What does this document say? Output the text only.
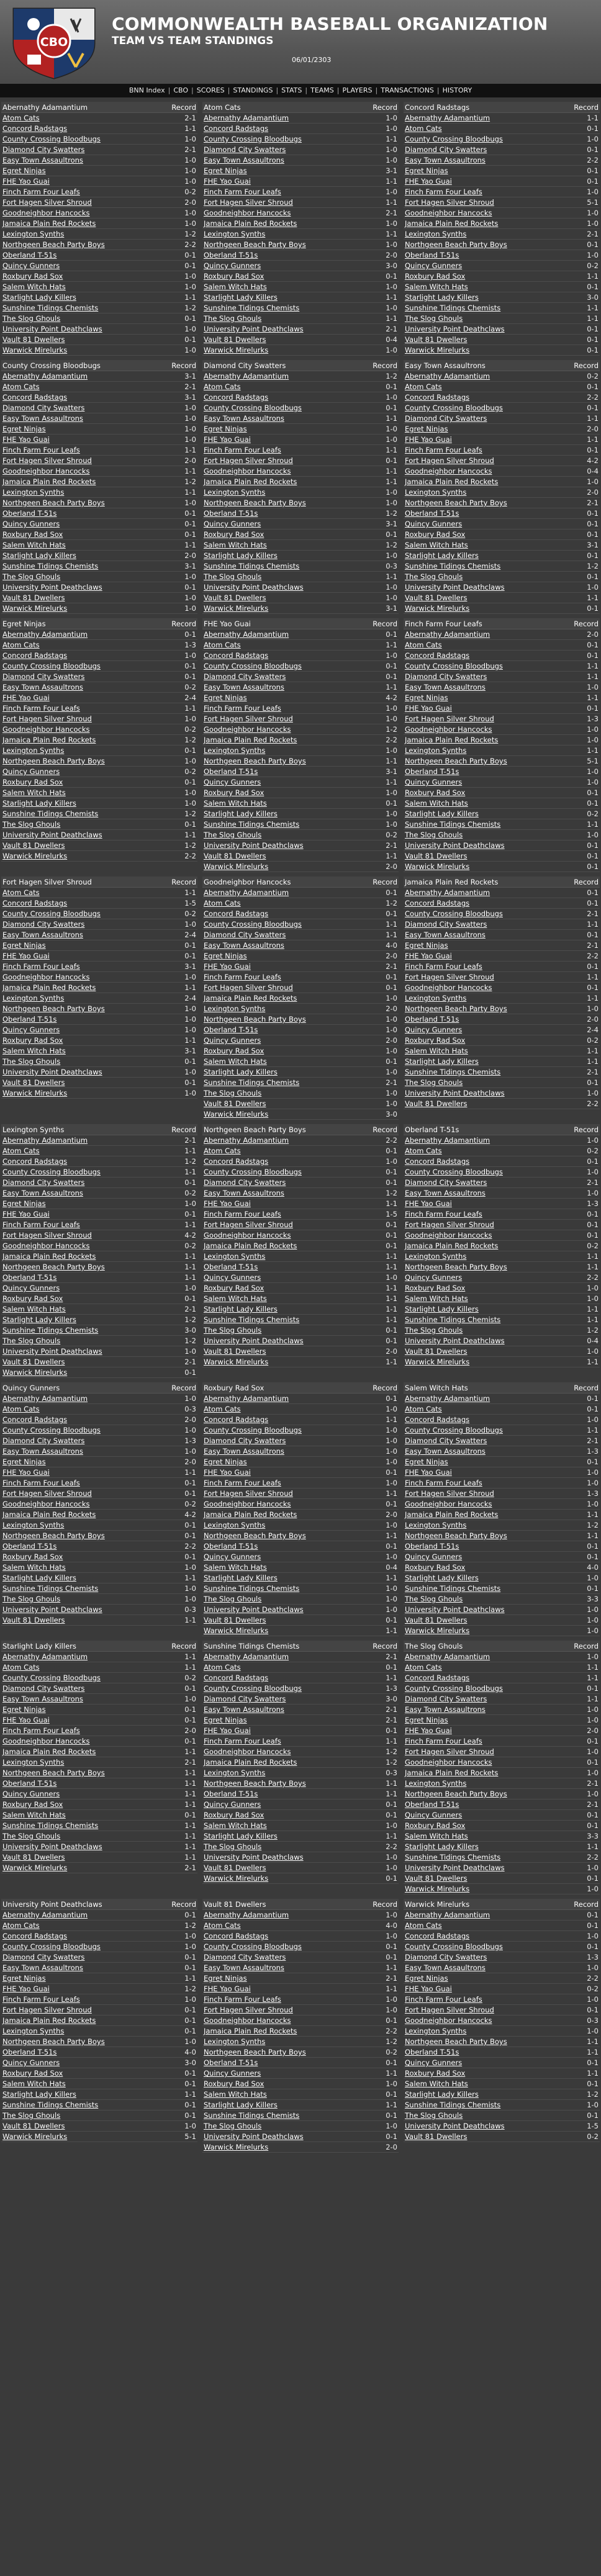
CBO
COMMONWEALTH BASEBALL ORGANIZATION
TEAM VS TEAM STANDINGS
06/01/2303
BNN Index | CBO | SCORES | STANDINGS | STATS | TEAMS | PLAYERS | TRANSACTIONS | HISTORY
Abernathy Adamantium	Record
Atom Cats	2-1
Concord Radstags	1-1
County Crossing Bloodbugs	1-0
Diamond City Swatters	2-1
Easy Town Assaultrons	1-0
Egret Ninjas	1-0
FHE Yao Guai	1-0
Finch Farm Four Leafs	0-2
Fort Hagen Silver Shroud	2-0
Goodneighbor Hancocks	1-0
Jamaica Plain Red Rockets	1-0
Lexington Synths	1-2
Northgeen Beach Party Boys	2-2
Oberland T-51s	0-1
Quincy Gunners	0-1
Roxbury Rad Sox	1-0
Salem Witch Hats	1-0
Starlight Lady Killers	1-1
Sunshine Tidings Chemists	1-2
The Slog Ghouls	0-1
University Point Deathclaws	1-0
Vault 81 Dwellers	0-1
Warwick Mirelurks	1-0
Atom Cats	Record
Abernathy Adamantium	1-0
Concord Radstags	1-0
County Crossing Bloodbugs	1-1
Diamond City Swatters	1-0
Easy Town Assaultrons	1-0
Egret Ninjas	3-1
FHE Yao Guai	1-1
Finch Farm Four Leafs	1-0
Fort Hagen Silver Shroud	1-1
Goodneighbor Hancocks	2-1
Jamaica Plain Red Rockets	1-0
Lexington Synths	1-1
Northgeen Beach Party Boys	1-0
Oberland T-51s	2-0
Quincy Gunners	3-0
Roxbury Rad Sox	0-1
Salem Witch Hats	1-0
Starlight Lady Killers	1-1
Sunshine Tidings Chemists	1-0
The Slog Ghouls	1-1
University Point Deathclaws	2-1
Vault 81 Dwellers	0-4
Warwick Mirelurks	1-0
Concord Radstags	Record
Abernathy Adamantium	1-1
Atom Cats	0-1
County Crossing Bloodbugs	1-0
Diamond City Swatters	0-1
Easy Town Assaultrons	2-2
Egret Ninjas	0-1
FHE Yao Guai	0-1
Finch Farm Four Leafs	1-0
Fort Hagen Silver Shroud	5-1
Goodneighbor Hancocks	1-0
Jamaica Plain Red Rockets	1-0
Lexington Synths	2-1
Northgeen Beach Party Boys	0-1
Oberland T-51s	1-0
Quincy Gunners	0-2
Roxbury Rad Sox	1-1
Salem Witch Hats	0-1
Starlight Lady Killers	3-0
Sunshine Tidings Chemists	1-1
The Slog Ghouls	1-1
University Point Deathclaws	0-1
Vault 81 Dwellers	0-1
Warwick Mirelurks	0-1
County Crossing Bloodbugs	Record
Abernathy Adamantium	3-1
Atom Cats	2-1
Concord Radstags	3-1
Diamond City Swatters	1-0
Easy Town Assaultrons	1-0
Egret Ninjas	1-0
FHE Yao Guai	1-0
Finch Farm Four Leafs	1-1
Fort Hagen Silver Shroud	2-0
Goodneighbor Hancocks	1-1
Jamaica Plain Red Rockets	1-2
Lexington Synths	1-1
Northgeen Beach Party Boys	1-0
Oberland T-51s	0-1
Quincy Gunners	0-1
Roxbury Rad Sox	0-1
Salem Witch Hats	1-1
Starlight Lady Killers	2-0
Sunshine Tidings Chemists	3-1
The Slog Ghouls	1-0
University Point Deathclaws	0-1
Vault 81 Dwellers	1-0
Warwick Mirelurks	1-0
Diamond City Swatters	Record
Abernathy Adamantium	1-2
Atom Cats	0-1
Concord Radstags	1-0
County Crossing Bloodbugs	0-1
Easy Town Assaultrons	1-1
Egret Ninjas	1-0
FHE Yao Guai	1-0
Finch Farm Four Leafs	1-1
Fort Hagen Silver Shroud	0-1
Goodneighbor Hancocks	1-1
Jamaica Plain Red Rockets	1-1
Lexington Synths	1-0
Northgeen Beach Party Boys	1-0
Oberland T-51s	1-2
Quincy Gunners	3-1
Roxbury Rad Sox	0-1
Salem Witch Hats	1-2
Starlight Lady Killers	1-0
Sunshine Tidings Chemists	0-3
The Slog Ghouls	1-1
University Point Deathclaws	1-0
Vault 81 Dwellers	1-0
Warwick Mirelurks	3-1
Easy Town Assaultrons	Record
Abernathy Adamantium	0-2
Atom Cats	0-1
Concord Radstags	2-2
County Crossing Bloodbugs	0-1
Diamond City Swatters	1-1
Egret Ninjas	2-0
FHE Yao Guai	1-1
Finch Farm Four Leafs	0-1
Fort Hagen Silver Shroud	4-2
Goodneighbor Hancocks	0-4
Jamaica Plain Red Rockets	1-0
Lexington Synths	2-0
Northgeen Beach Party Boys	2-1
Oberland T-51s	0-1
Quincy Gunners	0-1
Roxbury Rad Sox	0-1
Salem Witch Hats	3-1
Starlight Lady Killers	0-1
Sunshine Tidings Chemists	1-2
The Slog Ghouls	0-1
University Point Deathclaws	1-0
Vault 81 Dwellers	1-1
Warwick Mirelurks	0-1
Egret Ninjas	Record
Abernathy Adamantium	0-1
Atom Cats	1-3
Concord Radstags	1-0
County Crossing Bloodbugs	0-1
Diamond City Swatters	0-1
Easy Town Assaultrons	0-2
FHE Yao Guai	2-4
Finch Farm Four Leafs	1-1
Fort Hagen Silver Shroud	1-0
Goodneighbor Hancocks	0-2
Jamaica Plain Red Rockets	1-2
Lexington Synths	0-1
Northgeen Beach Party Boys	1-0
Quincy Gunners	0-2
Roxbury Rad Sox	0-1
Salem Witch Hats	1-0
Starlight Lady Killers	1-0
Sunshine Tidings Chemists	1-2
The Slog Ghouls	0-1
University Point Deathclaws	1-1
Vault 81 Dwellers	1-2
Warwick Mirelurks	2-2
FHE Yao Guai	Record
Abernathy Adamantium	0-1
Atom Cats	1-1
Concord Radstags	1-0
County Crossing Bloodbugs	0-1
Diamond City Swatters	0-1
Easy Town Assaultrons	1-1
Egret Ninjas	4-2
Finch Farm Four Leafs	1-0
Fort Hagen Silver Shroud	1-0
Goodneighbor Hancocks	1-2
Jamaica Plain Red Rockets	2-2
Lexington Synths	1-0
Northgeen Beach Party Boys	1-1
Oberland T-51s	3-1
Quincy Gunners	1-1
Roxbury Rad Sox	1-0
Salem Witch Hats	0-1
Starlight Lady Killers	1-0
Sunshine Tidings Chemists	1-0
The Slog Ghouls	0-2
University Point Deathclaws	2-1
Vault 81 Dwellers	1-1
Warwick Mirelurks	2-0
Finch Farm Four Leafs	Record
Abernathy Adamantium	2-0
Atom Cats	0-1
Concord Radstags	0-1
County Crossing Bloodbugs	1-1
Diamond City Swatters	1-1
Easy Town Assaultrons	1-0
Egret Ninjas	1-1
FHE Yao Guai	0-1
Fort Hagen Silver Shroud	1-3
Goodneighbor Hancocks	1-0
Jamaica Plain Red Rockets	1-0
Lexington Synths	1-1
Northgeen Beach Party Boys	5-1
Oberland T-51s	1-0
Quincy Gunners	1-0
Roxbury Rad Sox	0-1
Salem Witch Hats	0-1
Starlight Lady Killers	0-2
Sunshine Tidings Chemists	1-1
The Slog Ghouls	1-0
University Point Deathclaws	0-1
Vault 81 Dwellers	0-1
Warwick Mirelurks	0-1
Fort Hagen Silver Shroud	Record
Atom Cats	1-1
Concord Radstags	1-5
County Crossing Bloodbugs	0-2
Diamond City Swatters	1-0
Easy Town Assaultrons	2-4
Egret Ninjas	0-1
FHE Yao Guai	0-1
Finch Farm Four Leafs	3-1
Goodneighbor Hancocks	1-0
Jamaica Plain Red Rockets	1-1
Lexington Synths	2-4
Northgeen Beach Party Boys	1-0
Oberland T-51s	1-0
Quincy Gunners	1-0
Roxbury Rad Sox	1-1
Salem Witch Hats	3-1
The Slog Ghouls	0-1
University Point Deathclaws	1-0
Vault 81 Dwellers	0-1
Warwick Mirelurks	1-0
Goodneighbor Hancocks	Record
Abernathy Adamantium	0-1
Atom Cats	1-2
Concord Radstags	0-1
County Crossing Bloodbugs	1-1
Diamond City Swatters	1-1
Easy Town Assaultrons	4-0
Egret Ninjas	2-0
FHE Yao Guai	2-1
Finch Farm Four Leafs	0-1
Fort Hagen Silver Shroud	0-1
Jamaica Plain Red Rockets	1-0
Lexington Synths	2-0
Northgeen Beach Party Boys	1-0
Oberland T-51s	1-0
Quincy Gunners	2-0
Roxbury Rad Sox	1-0
Salem Witch Hats	0-1
Starlight Lady Killers	1-0
Sunshine Tidings Chemists	2-1
The Slog Ghouls	1-0
Vault 81 Dwellers	1-0
Warwick Mirelurks	3-0
Jamaica Plain Red Rockets	Record
Abernathy Adamantium	0-1
Concord Radstags	0-1
County Crossing Bloodbugs	2-1
Diamond City Swatters	1-1
Easy Town Assaultrons	0-1
Egret Ninjas	2-1
FHE Yao Guai	2-2
Finch Farm Four Leafs	0-1
Fort Hagen Silver Shroud	1-1
Goodneighbor Hancocks	0-1
Lexington Synths	1-1
Northgeen Beach Party Boys	1-0
Oberland T-51s	2-0
Quincy Gunners	2-4
Roxbury Rad Sox	0-2
Salem Witch Hats	1-1
Starlight Lady Killers	1-1
Sunshine Tidings Chemists	2-1
The Slog Ghouls	0-1
University Point Deathclaws	1-0
Vault 81 Dwellers	2-2
Lexington Synths	Record
Abernathy Adamantium	2-1
Atom Cats	1-1
Concord Radstags	1-2
County Crossing Bloodbugs	1-1
Diamond City Swatters	0-1
Easy Town Assaultrons	0-2
Egret Ninjas	1-0
FHE Yao Guai	0-1
Finch Farm Four Leafs	1-1
Fort Hagen Silver Shroud	4-2
Goodneighbor Hancocks	0-2
Jamaica Plain Red Rockets	1-1
Northgeen Beach Party Boys	1-1
Oberland T-51s	1-1
Quincy Gunners	1-0
Roxbury Rad Sox	0-1
Salem Witch Hats	2-1
Starlight Lady Killers	1-2
Sunshine Tidings Chemists	3-0
The Slog Ghouls	1-2
University Point Deathclaws	1-0
Vault 81 Dwellers	2-1
Warwick Mirelurks	0-1
Northgeen Beach Party Boys	Record
Abernathy Adamantium	2-2
Atom Cats	0-1
Concord Radstags	1-0
County Crossing Bloodbugs	0-1
Diamond City Swatters	0-1
Easy Town Assaultrons	1-2
FHE Yao Guai	1-1
Finch Farm Four Leafs	1-5
Fort Hagen Silver Shroud	0-1
Goodneighbor Hancocks	0-1
Jamaica Plain Red Rockets	0-1
Lexington Synths	1-1
Oberland T-51s	1-1
Quincy Gunners	1-0
Roxbury Rad Sox	1-1
Salem Witch Hats	1-1
Starlight Lady Killers	1-1
Sunshine Tidings Chemists	1-1
The Slog Ghouls	0-1
University Point Deathclaws	0-1
Vault 81 Dwellers	2-0
Warwick Mirelurks	1-1
Oberland T-51s	Record
Abernathy Adamantium	1-0
Atom Cats	0-2
Concord Radstags	0-1
County Crossing Bloodbugs	1-0
Diamond City Swatters	2-1
Easy Town Assaultrons	1-0
FHE Yao Guai	1-3
Finch Farm Four Leafs	0-1
Fort Hagen Silver Shroud	0-1
Goodneighbor Hancocks	0-1
Jamaica Plain Red Rockets	0-2
Lexington Synths	1-1
Northgeen Beach Party Boys	1-1
Quincy Gunners	2-2
Roxbury Rad Sox	1-0
Salem Witch Hats	1-0
Starlight Lady Killers	1-1
Sunshine Tidings Chemists	1-1
The Slog Ghouls	1-2
University Point Deathclaws	0-4
Vault 81 Dwellers	1-0
Warwick Mirelurks	1-1
Quincy Gunners	Record
Abernathy Adamantium	1-0
Atom Cats	0-3
Concord Radstags	2-0
County Crossing Bloodbugs	1-0
Diamond City Swatters	1-3
Easy Town Assaultrons	1-0
Egret Ninjas	2-0
FHE Yao Guai	1-1
Finch Farm Four Leafs	0-1
Fort Hagen Silver Shroud	0-1
Goodneighbor Hancocks	0-2
Jamaica Plain Red Rockets	4-2
Lexington Synths	0-1
Northgeen Beach Party Boys	0-1
Oberland T-51s	2-2
Roxbury Rad Sox	0-1
Salem Witch Hats	1-0
Starlight Lady Killers	1-1
Sunshine Tidings Chemists	1-0
The Slog Ghouls	1-0
University Point Deathclaws	0-3
Vault 81 Dwellers	1-1
Roxbury Rad Sox	Record
Abernathy Adamantium	0-1
Atom Cats	1-0
Concord Radstags	1-1
County Crossing Bloodbugs	1-0
Diamond City Swatters	1-0
Easy Town Assaultrons	1-0
Egret Ninjas	1-0
FHE Yao Guai	0-1
Finch Farm Four Leafs	1-0
Fort Hagen Silver Shroud	1-1
Goodneighbor Hancocks	0-1
Jamaica Plain Red Rockets	2-0
Lexington Synths	1-0
Northgeen Beach Party Boys	1-1
Oberland T-51s	0-1
Quincy Gunners	1-0
Salem Witch Hats	0-4
Starlight Lady Killers	1-1
Sunshine Tidings Chemists	1-0
The Slog Ghouls	1-0
University Point Deathclaws	1-0
Vault 81 Dwellers	0-1
Warwick Mirelurks	1-1
Salem Witch Hats	Record
Abernathy Adamantium	0-1
Atom Cats	0-1
Concord Radstags	1-0
County Crossing Bloodbugs	1-1
Diamond City Swatters	2-1
Easy Town Assaultrons	1-3
Egret Ninjas	0-1
FHE Yao Guai	1-0
Finch Farm Four Leafs	1-0
Fort Hagen Silver Shroud	1-3
Goodneighbor Hancocks	1-0
Jamaica Plain Red Rockets	1-1
Lexington Synths	1-2
Northgeen Beach Party Boys	1-1
Oberland T-51s	0-1
Quincy Gunners	0-1
Roxbury Rad Sox	4-0
Starlight Lady Killers	1-0
Sunshine Tidings Chemists	0-1
The Slog Ghouls	3-3
University Point Deathclaws	1-0
Vault 81 Dwellers	1-0
Warwick Mirelurks	1-0
Starlight Lady Killers	Record
Abernathy Adamantium	1-1
Atom Cats	1-1
County Crossing Bloodbugs	0-2
Diamond City Swatters	0-1
Easy Town Assaultrons	1-0
Egret Ninjas	0-1
FHE Yao Guai	0-1
Finch Farm Four Leafs	2-0
Goodneighbor Hancocks	0-1
Jamaica Plain Red Rockets	1-1
Lexington Synths	2-1
Northgeen Beach Party Boys	1-1
Oberland T-51s	1-1
Quincy Gunners	1-1
Roxbury Rad Sox	1-1
Salem Witch Hats	0-1
Sunshine Tidings Chemists	1-1
The Slog Ghouls	1-1
University Point Deathclaws	1-1
Vault 81 Dwellers	1-1
Warwick Mirelurks	2-1
Sunshine Tidings Chemists	Record
Abernathy Adamantium	2-1
Atom Cats	0-1
Concord Radstags	1-1
County Crossing Bloodbugs	1-3
Diamond City Swatters	3-0
Easy Town Assaultrons	2-1
Egret Ninjas	2-1
FHE Yao Guai	0-1
Finch Farm Four Leafs	1-1
Goodneighbor Hancocks	1-2
Jamaica Plain Red Rockets	1-2
Lexington Synths	0-3
Northgeen Beach Party Boys	1-1
Oberland T-51s	1-1
Quincy Gunners	0-1
Roxbury Rad Sox	0-1
Salem Witch Hats	1-0
Starlight Lady Killers	1-1
The Slog Ghouls	2-2
University Point Deathclaws	1-0
Vault 81 Dwellers	1-0
Warwick Mirelurks	0-1
The Slog Ghouls	Record
Abernathy Adamantium	1-0
Atom Cats	1-1
Concord Radstags	1-1
County Crossing Bloodbugs	0-1
Diamond City Swatters	1-1
Easy Town Assaultrons	1-0
Egret Ninjas	1-0
FHE Yao Guai	2-0
Finch Farm Four Leafs	0-1
Fort Hagen Silver Shroud	1-0
Goodneighbor Hancocks	0-1
Jamaica Plain Red Rockets	1-0
Lexington Synths	2-1
Northgeen Beach Party Boys	1-0
Oberland T-51s	2-1
Quincy Gunners	0-1
Roxbury Rad Sox	0-1
Salem Witch Hats	3-3
Starlight Lady Killers	1-1
Sunshine Tidings Chemists	2-2
University Point Deathclaws	1-0
Vault 81 Dwellers	0-1
Warwick Mirelurks	1-0
University Point Deathclaws	Record
Abernathy Adamantium	0-1
Atom Cats	1-2
Concord Radstags	1-0
County Crossing Bloodbugs	1-0
Diamond City Swatters	0-1
Easy Town Assaultrons	0-1
Egret Ninjas	1-1
FHE Yao Guai	1-2
Finch Farm Four Leafs	1-0
Fort Hagen Silver Shroud	0-1
Jamaica Plain Red Rockets	0-1
Lexington Synths	0-1
Northgeen Beach Party Boys	1-0
Oberland T-51s	4-0
Quincy Gunners	3-0
Roxbury Rad Sox	0-1
Salem Witch Hats	0-1
Starlight Lady Killers	1-1
Sunshine Tidings Chemists	0-1
The Slog Ghouls	0-1
Vault 81 Dwellers	1-0
Warwick Mirelurks	5-1
Vault 81 Dwellers	Record
Abernathy Adamantium	1-0
Atom Cats	4-0
Concord Radstags	1-0
County Crossing Bloodbugs	0-1
Diamond City Swatters	0-1
Easy Town Assaultrons	1-1
Egret Ninjas	2-1
FHE Yao Guai	1-1
Finch Farm Four Leafs	1-0
Fort Hagen Silver Shroud	1-0
Goodneighbor Hancocks	0-1
Jamaica Plain Red Rockets	2-2
Lexington Synths	1-2
Northgeen Beach Party Boys	0-2
Oberland T-51s	0-1
Quincy Gunners	1-1
Roxbury Rad Sox	1-0
Salem Witch Hats	0-1
Starlight Lady Killers	1-1
Sunshine Tidings Chemists	0-1
The Slog Ghouls	1-0
University Point Deathclaws	0-1
Warwick Mirelurks	2-0
Warwick Mirelurks	Record
Abernathy Adamantium	0-1
Atom Cats	0-1
Concord Radstags	1-0
County Crossing Bloodbugs	0-1
Diamond City Swatters	1-3
Easy Town Assaultrons	1-0
Egret Ninjas	2-2
FHE Yao Guai	0-2
Finch Farm Four Leafs	1-0
Fort Hagen Silver Shroud	0-1
Goodneighbor Hancocks	0-3
Lexington Synths	1-0
Northgeen Beach Party Boys	1-1
Oberland T-51s	1-1
Quincy Gunners	0-1
Roxbury Rad Sox	1-1
Salem Witch Hats	0-1
Starlight Lady Killers	1-2
Sunshine Tidings Chemists	1-0
The Slog Ghouls	0-1
University Point Deathclaws	1-5
Vault 81 Dwellers	0-2
